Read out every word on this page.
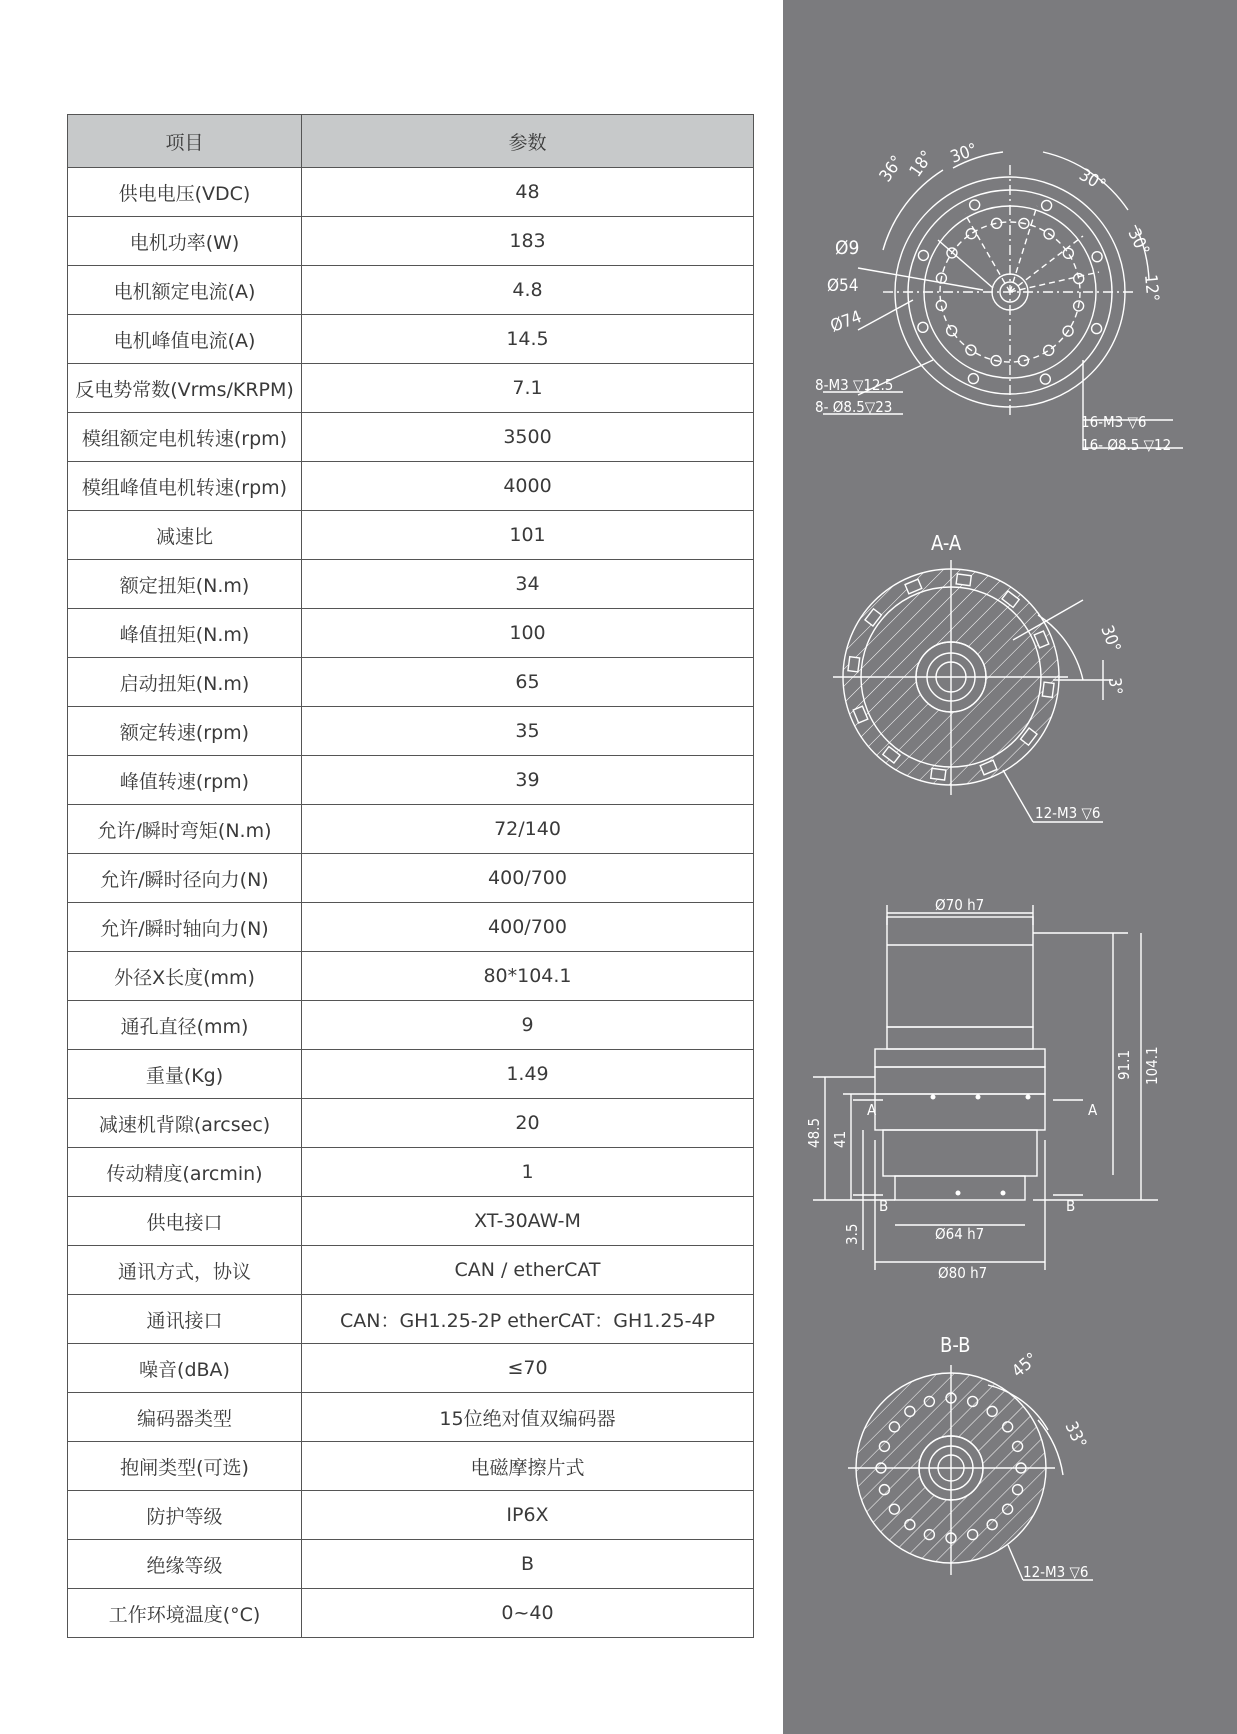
项目	参数
供电电压(VDC)	48
电机功率(W)	183
电机额定电流(A)	4.8
电机峰值电流(A)	14.5
反电势常数(Vrms/KRPM)	7.1
模组额定电机转速(rpm)	3500
模组峰值电机转速(rpm)	4000
减速比	101
额定扭矩(N.m)	34
峰值扭矩(N.m)	100
启动扭矩(N.m)	65
额定转速(rpm)	35
峰值转速(rpm)	39
允许/瞬时弯矩(N.m)	72/140
允许/瞬时径向力(N)	400/700
允许/瞬时轴向力(N)	400/700
外径X长度(mm)	80*104.1
通孔直径(mm)	9
重量(Kg)	1.49
减速机背隙(arcsec)	20
传动精度(arcmin)	1
供电接口	XT-30AW-M
通讯方式，协议	CAN / etherCAT
通讯接口	CAN：GH1.25-2P etherCAT：GH1.25-4P
噪音(dBA)	≤70
编码器类型	15位绝对值双编码器
抱闸类型(可选)	电磁摩擦片式
防护等级	IP6X
绝缘等级	B
工作环境温度(°C)	0~40
36°
18° 30°
30°
30°
12°
Ø9
Ø54
Ø74
8-M3 ▽12.5
8- Ø8.5▽23
16-M3 ▽6
16- Ø8.5 ▽12
A-A
30°
3°
12-M3 ▽6
Ø70 h7
Ø64 h7
Ø80 h7
91.1 104.1
48.5 41
3.5
A	A
B	B
B-B
45°
33°
12-M3 ▽6
